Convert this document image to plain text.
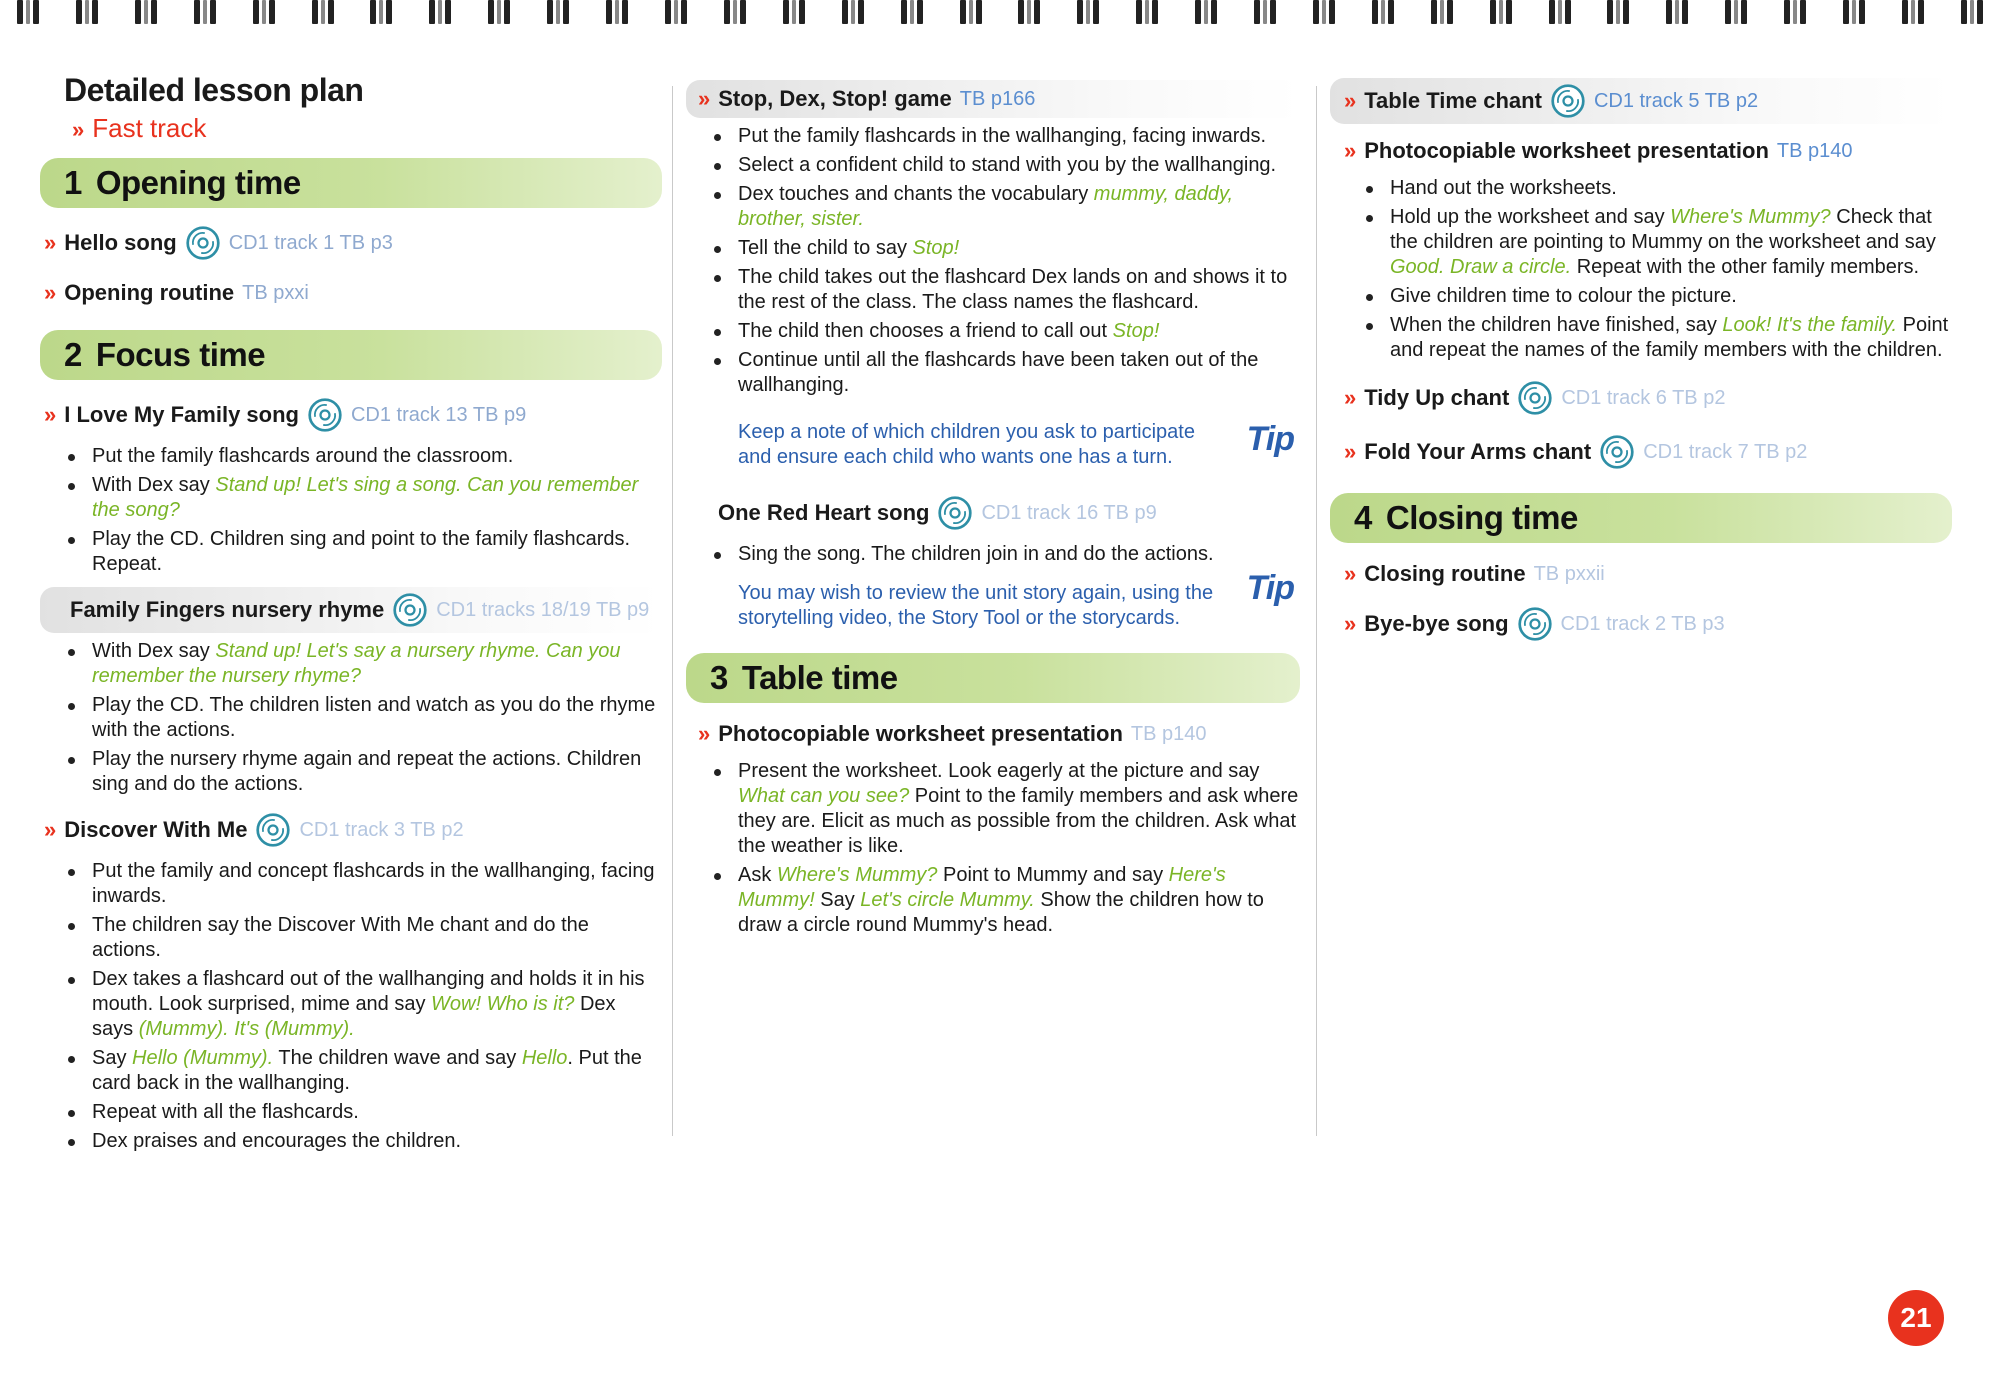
Detailed lesson plan
» Fast track
1 Opening time
» Hello song	CD1 track 1 TB p3
» Opening routine TB pxxi
2 Focus time
» I Love My Family song	CD1 track 13 TB p9
Put the family flashcards around the classroom.
With Dex say Stand up! Let's sing a song. Can you remember the song?
Play the CD. Children sing and point to the family flashcards. Repeat.
Family Fingers nursery rhyme	CD1 tracks 18/19 TB p9
With Dex say Stand up! Let's say a nursery rhyme. Can you remember the nursery rhyme?
Play the CD. The children listen and watch as you do the rhyme with the actions.
Play the nursery rhyme again and repeat the actions. Children sing and do the actions.
» Discover With Me	CD1 track 3 TB p2
Put the family and concept flashcards in the wallhanging, facing inwards.
The children say the Discover With Me chant and do the actions.
Dex takes a flashcard out of the wallhanging and holds it in his mouth. Look surprised, mime and say Wow! Who is it? Dex says (Mummy). It's (Mummy).
Say Hello (Mummy). The children wave and say Hello. Put the card back in the wallhanging.
Repeat with all the flashcards.
Dex praises and encourages the children.
» Stop, Dex, Stop! game TB p166
Put the family flashcards in the wallhanging, facing inwards.
Select a confident child to stand with you by the wallhanging.
Dex touches and chants the vocabulary mummy, daddy, brother, sister.
Tell the child to say Stop!
The child takes out the flashcard Dex lands on and shows it to the rest of the class. The class names the flashcard.
The child then chooses a friend to call out Stop!
Continue until all the flashcards have been taken out of the wallhanging.
Keep a note of which children you ask to participate and ensure each child who wants one has a turn.	Tip
One Red Heart song	CD1 track 16 TB p9
Sing the song. The children join in and do the actions.
You may wish to review the unit story again, using the storytelling video, the Story Tool or the storycards.
Tip
3 Table time
» Photocopiable worksheet presentation TB p140
Present the worksheet. Look eagerly at the picture and say What can you see? Point to the family members and ask where they are. Elicit as much as possible from the children. Ask what the weather is like.
Ask Where's Mummy? Point to Mummy and say Here's Mummy! Say Let's circle Mummy. Show the children how to draw a circle round Mummy's head.
» Table Time chant	CD1 track 5 TB p2
» Photocopiable worksheet presentation TB p140
Hand out the worksheets.
Hold up the worksheet and say Where's Mummy? Check that the children are pointing to Mummy on the worksheet and say Good. Draw a circle. Repeat with the other family members.
Give children time to colour the picture.
When the children have finished, say Look! It's the family. Point and repeat the names of the family members with the children.
» Tidy Up chant	CD1 track 6 TB p2
» Fold Your Arms chant	CD1 track 7 TB p2
4 Closing time
» Closing routine TB pxxii
» Bye-bye song	CD1 track 2 TB p3
21
